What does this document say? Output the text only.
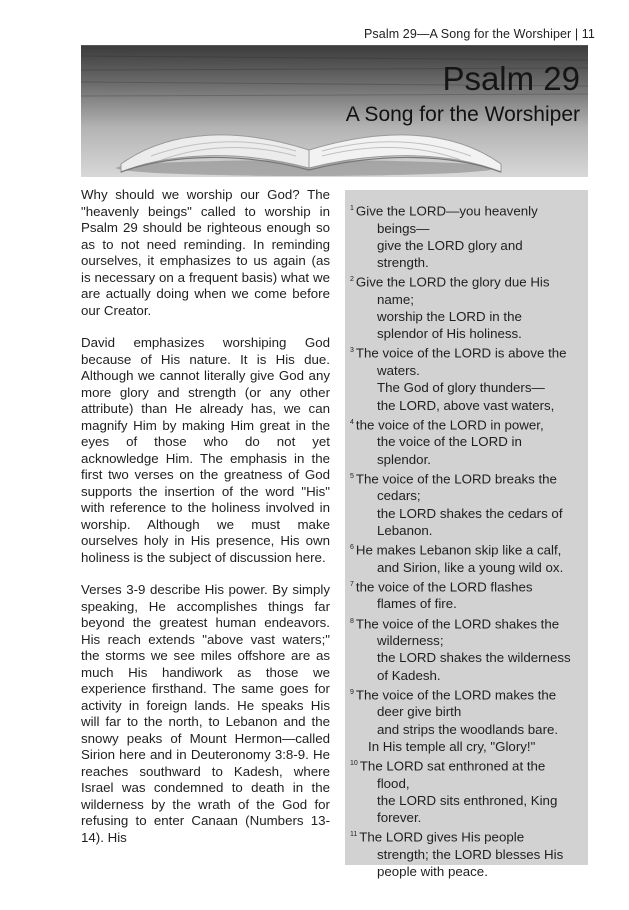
Psalm 29—A Song for the Worshiper | 11
Psalm 29
A Song for the Worshiper

Why should we worship our God? The "heavenly beings" called to worship in Psalm 29 should be righteous enough so as to not need reminding. In reminding ourselves, it emphasizes to us again (as is necessary on a frequent basis) what we are actually doing when we come before our Creator.

David emphasizes worshiping God because of His nature. It is His due. Although we cannot literally give God any more glory and strength (or any other attribute) than He already has, we can magnify Him by making Him great in the eyes of those who do not yet acknowledge Him. The emphasis in the first two verses on the greatness of God supports the insertion of the word "His" with reference to the holiness involved in worship. Although we must make ourselves holy in His presence, His own holiness is the subject of discussion here.

Verses 3-9 describe His power. By simply speaking, He accomplishes things far beyond the greatest human endeavors. His reach extends "above vast waters;" the storms we see miles offshore are as much His handiwork as those we experience firsthand. The same goes for activity in foreign lands. He speaks His will far to the north, to Lebanon and the snowy peaks of Mount Hermon—called Sirion here and in Deuteronomy 3:8-9. He reaches southward to Kadesh, where Israel was condemned to death in the wilderness by the wrath of the God for refusing to enter Canaan (Numbers 13-14). His

$^1$ Give the LORD—you heavenly
beings—
give the LORD glory and
strength.
$^2$ Give the LORD the glory due His
name;
worship the LORD in the
splendor of His holiness.
$^3$ The voice of the LORD is above the
waters.
The God of glory thunders—
the LORD, above vast waters,
$^4$ the voice of the LORD in power,
the voice of the LORD in
splendor.
$^5$ The voice of the LORD breaks the
cedars;
the LORD shakes the cedars of
Lebanon.
$^6$ He makes Lebanon skip like a calf,
and Sirion, like a young wild ox.
$^7$ the voice of the LORD flashes
flames of fire.
$^8$ The voice of the LORD shakes the
wilderness;
the LORD shakes the wilderness
of Kadesh.
$^9$ The voice of the LORD makes the
deer give birth
and strips the woodlands bare.
In His temple all cry, "Glory!"
$^{10}$ The LORD sat enthroned at the
flood,
the LORD sits enthroned, King
forever.
$^{11}$ The LORD gives His people
strength; the LORD blesses His
people with peace.
